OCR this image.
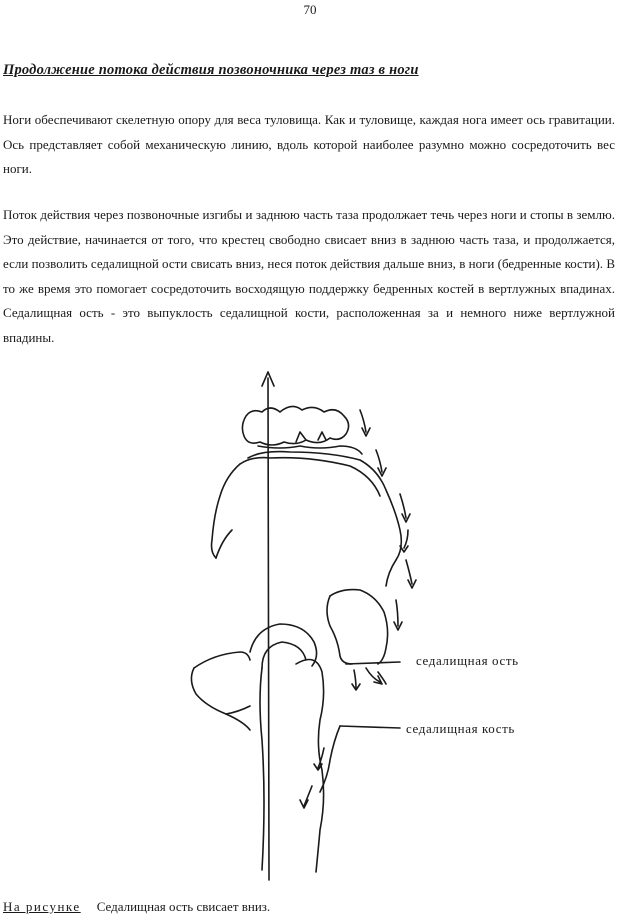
70
Продолжение потока действия позвоночника через таз в ноги

Ноги обеспечивают скелетную опору для веса туловища. Как и туловище, каждая нога имеет ось гравитации. Ось представляет собой механическую линию, вдоль которой наиболее разумно можно сосредоточить вес ноги.

Поток действия через позвоночные изгибы и заднюю часть таза продолжает течь через ноги и стопы в землю. Это действие, начинается от того, что крестец свободно свисает вниз в заднюю часть таза, и продолжается, если позволить седалищной ости свисать вниз, неся поток действия дальше вниз, в ноги (бедренные кости). В то же время это помогает сосредоточить восходящую поддержку бедренных костей в вертлужных впадинах. Седалищная ость - это выпуклость седалищной кости, расположенная за и немного ниже вертлужной впадины.

седалищная ость
седалищная кость
На рисунке Седалищная ость свисает вниз.
